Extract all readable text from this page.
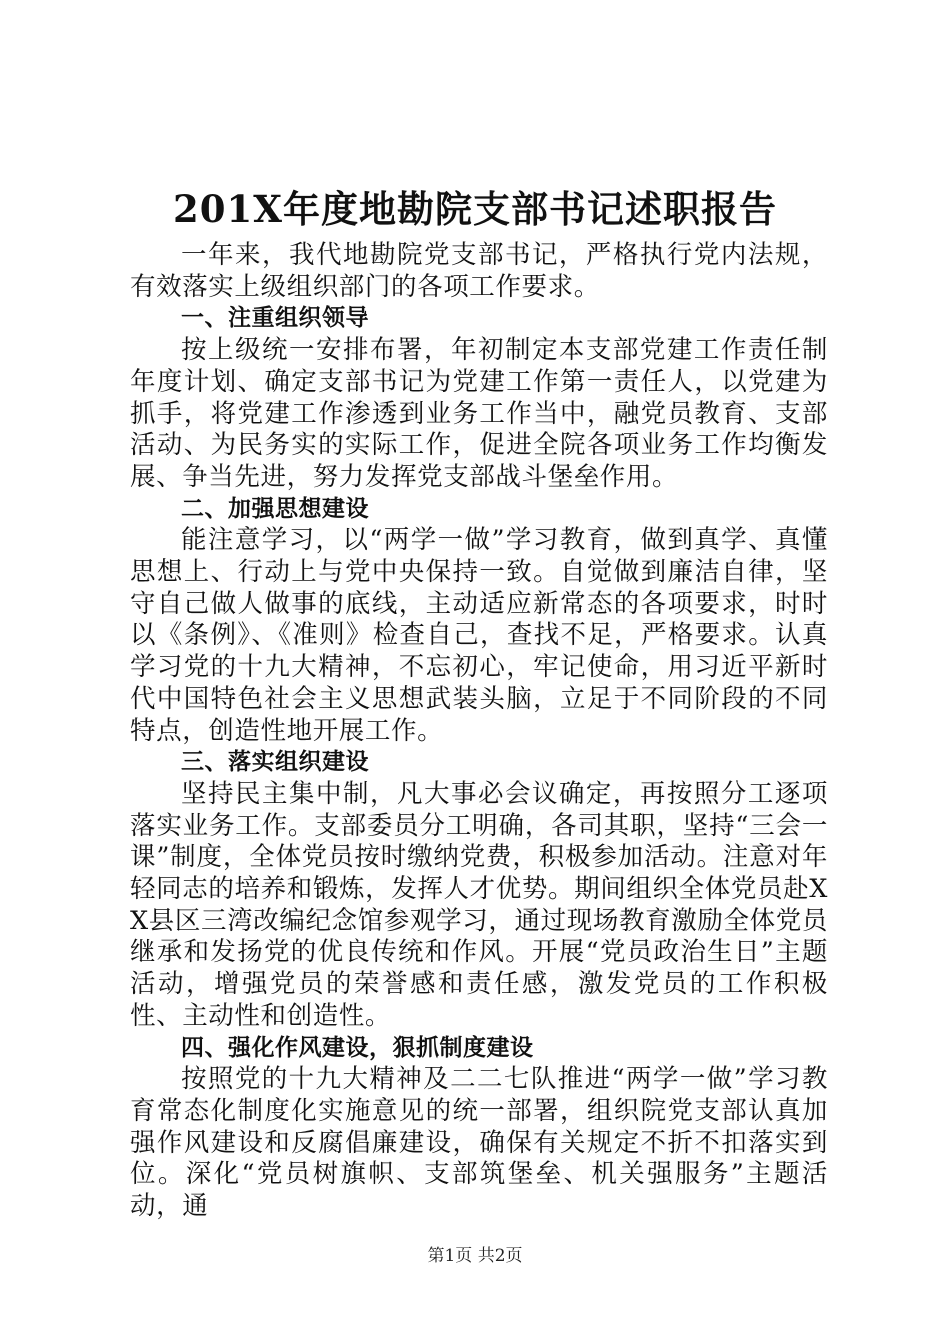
201X年度地勘院支部书记述职报告

一年来，我代地勘院党支部书记，严格执行党内法规，有效落实上级组织部门的各项工作要求。

一、注重组织领导

按上级统一安排布署，年初制定本支部党建工作责任制年度计划、确定支部书记为党建工作第一责任人，以党建为抓手，将党建工作渗透到业务工作当中，融党员教育、支部活动、为民务实的实际工作，促进全院各项业务工作均衡发展、争当先进，努力发挥党支部战斗堡垒作用。

二、加强思想建设

能注意学习，以“两学一做”学习教育，做到真学、真懂思想上、行动上与党中央保持一致。自觉做到廉洁自律，坚守自己做人做事的底线，主动适应新常态的各项要求，时时以《条例》、《准则》检查自己，查找不足，严格要求。认真学习党的十九大精神，不忘初心，牢记使命，用习近平新时代中国特色社会主义思想武装头脑，立足于不同阶段的不同特点，创造性地开展工作。

三、落实组织建设

坚持民主集中制，凡大事必会议确定，再按照分工逐项落实业务工作。支部委员分工明确，各司其职，坚持“三会一课”制度，全体党员按时缴纳党费，积极参加活动。注意对年轻同志的培养和锻炼，发挥人才优势。期间组织全体党员赴XX县区三湾改编纪念馆参观学习，通过现场教育激励全体党员继承和发扬党的优良传统和作风。开展“党员政治生日”主题活动，增强党员的荣誉感和责任感，激发党员的工作积极性、主动性和创造性。

四、强化作风建设，狠抓制度建设

按照党的十九大精神及二二七队推进“两学一做”学习教育常态化制度化实施意见的统一部署，组织院党支部认真加强作风建设和反腐倡廉建设，确保有关规定不折不扣落实到位。深化“党员树旗帜、支部筑堡垒、机关强服务”主题活动，通

第1页 共2页
